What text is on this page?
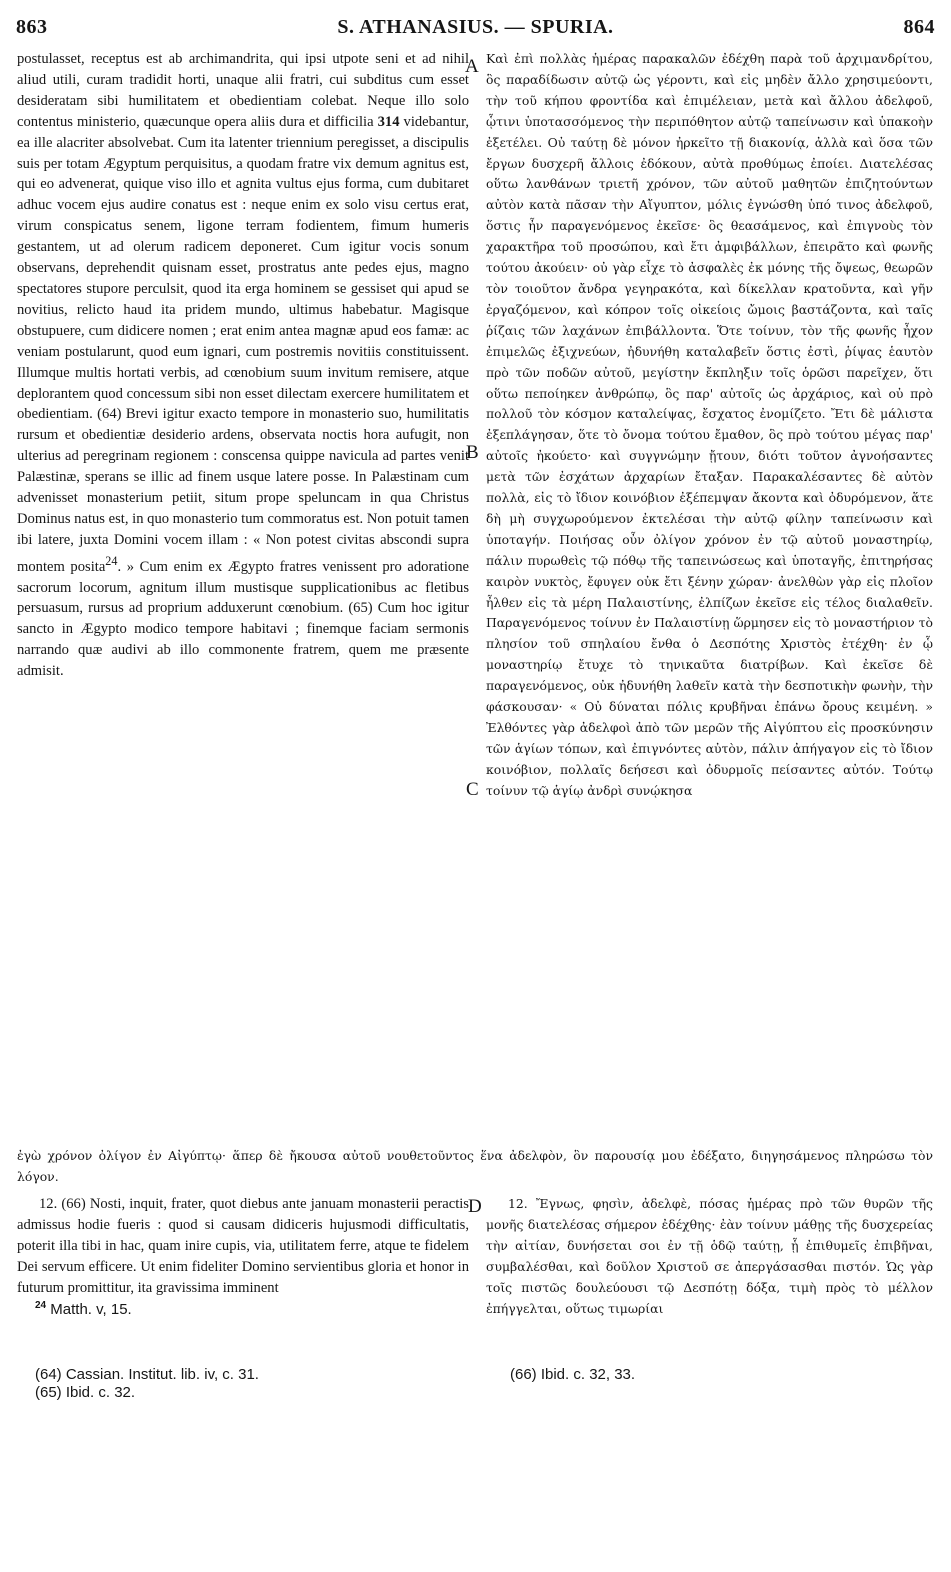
863	S. ATHANASIUS. — SPURIA.	864
A
B
C
D

postulasset, receptus est ab archimandrita, qui ipsi utpote seni et ad nihil aliud utili, curam tradidit horti, unaque alii fratri, cui subditus cum esset desideratam sibi humilitatem et obedientiam colebat. Neque illo solo contentus ministerio, quæcunque opera aliis dura et difficilia 314 videbantur, ea ille alacriter absolvebat. Cum ita latenter triennium peregisset, a discipulis suis per totam Ægyptum perquisitus, a quodam fratre vix demum agnitus est, qui eo advenerat, quique viso illo et agnita vultus ejus forma, cum dubitaret adhuc vocem ejus audire conatus est : neque enim ex solo visu certus erat, virum conspicatus senem, ligone terram fodientem, fimum humeris gestantem, ut ad olerum radicem deponeret. Cum igitur vocis sonum observans, deprehendit quisnam esset, prostratus ante pedes ejus, magno spectatores stupore perculsit, quod ita erga hominem se gessiset qui apud se novitius, relicto haud ita pridem mundo, ultimus habebatur. Magisque obstupuere, cum didicere nomen ; erat enim antea magnæ apud eos famæ: ac veniam postularunt, quod eum ignari, cum postremis novitiis constituissent. Illumque multis hortati verbis, ad cœnobium suum invitum remisere, atque deplorantem quod concessum sibi non esset dilectam exercere humilitatem et obedientiam. (64) Brevi igitur exacto tempore in monasterio suo, humilitatis rursum et obedientiæ desiderio ardens, observata noctis hora aufugit, non ulterius ad peregrinam regionem : conscensa quippe navicula ad partes venit Palæstinæ, sperans se illic ad finem usque latere posse. In Palæstinam cum advenisset monasterium petiit, situm prope speluncam in qua Christus Dominus natus est, in quo monasterio tum commoratus est. Non potuit tamen ibi latere, juxta Domini vocem illam : « Non potest civitas abscondi supra montem posita$^{24}$. » Cum enim ex Ægypto fratres venissent pro adoratione sacrorum locorum, agnitum illum mustisque supplicationibus ac fletibus persuasum, rursus ad proprium adduxerunt cœnobium. (65) Cum hoc igitur sancto in Ægypto modico tempore habitavi ; finemque faciam sermonis narrando quæ audivi ab illo commonente fratrem, quem me præsente admisit.

Καὶ ἐπὶ πολλὰς ἡμέρας παρακαλῶν ἐδέχθη παρὰ τοῦ ἀρχιμανδρίτου, ὃς παραδίδωσιν αὐτῷ ὡς γέροντι, καὶ εἰς μηδὲν ἄλλο χρησιμεύοντι, τὴν τοῦ κήπου φροντίδα καὶ ἐπιμέλειαν, μετὰ καὶ ἄλλου ἀδελφοῦ, ᾧτινι ὑποτασσόμενος τὴν περιπόθητον αὐτῷ ταπείνωσιν καὶ ὑπακοὴν ἐξετέλει. Οὐ ταύτῃ δὲ μόνον ἠρκεῖτο τῇ διακονίᾳ, ἀλλὰ καὶ ὅσα τῶν ἔργων δυσχερῆ ἄλλοις ἐδόκουν, αὐτὰ προθύμως ἐποίει. Διατελέσας οὕτω λανθάνων τριετῆ χρόνον, τῶν αὐτοῦ μαθητῶν ἐπιζητούντων αὐτὸν κατὰ πᾶσαν τὴν Αἴγυπτον, μόλις ἐγνώσθη ὑπό τινος ἀδελφοῦ, ὅστις ἦν παραγενόμενος ἐκεῖσε· ὃς θεασάμενος, καὶ ἐπιγνοὺς τὸν χαρακτῆρα τοῦ προσώπου, καὶ ἔτι ἀμφιβάλλων, ἐπειρᾶτο καὶ φωνῆς τούτου ἀκούειν· οὐ γὰρ εἶχε τὸ ἀσφαλὲς ἐκ μόνης τῆς ὄψεως, θεωρῶν τὸν τοιοῦτον ἄνδρα γεγηρακότα, καὶ δίκελλαν κρατοῦντα, καὶ γῆν ἐργαζόμενον, καὶ κόπρον τοῖς οἰκείοις ὤμοις βαστάζοντα, καὶ ταῖς ῥίζαις τῶν λαχάνων ἐπιβάλλοντα. Ὅτε τοίνυν, τὸν τῆς φωνῆς ἦχον ἐπιμελῶς ἐξιχνεύων, ἠδυνήθη καταλαβεῖν ὅστις ἐστὶ, ῥίψας ἑαυτὸν πρὸ τῶν ποδῶν αὐτοῦ, μεγίστην ἔκπληξιν τοῖς ὁρῶσι παρεῖχεν, ὅτι οὕτω πεποίηκεν ἀνθρώπῳ, ὃς παρ' αὐτοῖς ὡς ἀρχάριος, καὶ οὐ πρὸ πολλοῦ τὸν κόσμον καταλείψας, ἔσχατος ἐνομίζετο. Ἔτι δὲ μάλιστα ἐξεπλάγησαν, ὅτε τὸ ὄνομα τούτου ἔμαθον, ὃς πρὸ τούτου μέγας παρ' αὐτοῖς ἠκούετο· καὶ συγγνώμην ᾔτουν, διότι τοῦτον ἀγνοήσαντες μετὰ τῶν ἐσχάτων ἀρχαρίων ἔταξαν. Παρακαλέσαντες δὲ αὐτὸν πολλὰ, εἰς τὸ ἴδιον κοινόβιον ἐξέπεμψαν ἄκοντα καὶ ὀδυρόμενον, ἅτε δὴ μὴ συγχωρούμενον ἐκτελέσαι τὴν αὐτῷ φίλην ταπείνωσιν καὶ ὑποταγήν. Ποιήσας οὖν ὀλίγον χρόνον ἐν τῷ αὐτοῦ μοναστηρίῳ, πάλιν πυρωθεὶς τῷ πόθῳ τῆς ταπεινώσεως καὶ ὑποταγῆς, ἐπιτηρήσας καιρὸν νυκτὸς, ἔφυγεν οὐκ ἔτι ξένην χώραν· ἀνελθὼν γὰρ εἰς πλοῖον ἦλθεν εἰς τὰ μέρη Παλαιστίνης, ἐλπίζων ἐκεῖσε εἰς τέλος διαλαθεῖν. Παραγενόμενος τοίνυν ἐν Παλαιστίνῃ ὥρμησεν εἰς τὸ μοναστήριον τὸ πλησίον τοῦ σπηλαίου ἔνθα ὁ Δεσπότης Χριστὸς ἐτέχθη· ἐν ᾧ μοναστηρίῳ ἔτυχε τὸ τηνικαῦτα διατρίβων. Καὶ ἐκεῖσε δὲ παραγενόμενος, οὐκ ἠδυνήθη λαθεῖν κατὰ τὴν δεσποτικὴν φωνὴν, τὴν φάσκουσαν· « Οὐ δύναται πόλις κρυβῆναι ἐπάνω ὄρους κειμένη. » Ἐλθόντες γὰρ ἀδελφοὶ ἀπὸ τῶν μερῶν τῆς Αἰγύπτου εἰς προσκύνησιν τῶν ἁγίων τόπων, καὶ ἐπιγνόντες αὐτὸν, πάλιν ἀπήγαγον εἰς τὸ ἴδιον κοινόβιον, πολλαῖς δεήσεσι καὶ ὀδυρμοῖς πείσαντες αὐτόν. Τούτῳ τοίνυν τῷ ἁγίῳ ἀνδρὶ συνῴκησα

ἐγὼ χρόνον ὀλίγον ἐν Αἰγύπτῳ· ἅπερ δὲ ἤκουσα αὐτοῦ νουθετοῦντος ἕνα ἀδελφὸν, ὃν παρουσίᾳ μου ἐδέξατο, διηγησάμενος πληρώσω τὸν λόγον.

12. (66) Nosti, inquit, frater, quot diebus ante januam monasterii peractis admissus hodie fueris : quod si causam didiceris hujusmodi difficultatis, poterit illa tibi in hac, quam inire cupis, via, utilitatem ferre, atque te fidelem Dei servum efficere. Ut enim fideliter Domino servientibus gloria et honor in futurum promittitur, ita gravissima imminent

12. Ἔγνως, φησὶν, ἀδελφὲ, πόσας ἡμέρας πρὸ τῶν θυρῶν τῆς μονῆς διατελέσας σήμερον ἐδέχθης· ἐὰν τοίνυν μάθῃς τῆς δυσχερείας τὴν αἰτίαν, δυνήσεται σοι ἐν τῇ ὁδῷ ταύτῃ, ᾗ ἐπιθυμεῖς ἐπιβῆναι, συμβαλέσθαι, καὶ δοῦλον Χριστοῦ σε ἀπεργάσασθαι πιστόν. Ὡς γὰρ τοῖς πιστῶς δουλεύουσι τῷ Δεσπότῃ δόξα, τιμὴ πρὸς τὸ μέλλον ἐπήγγελται, οὕτως τιμωρίαι

$^{24}$ Matth. v, 15.
(64) Cassian. Institut. lib. iv, c. 31.
(65) Ibid. c. 32.
(66) Ibid. c. 32, 33.
